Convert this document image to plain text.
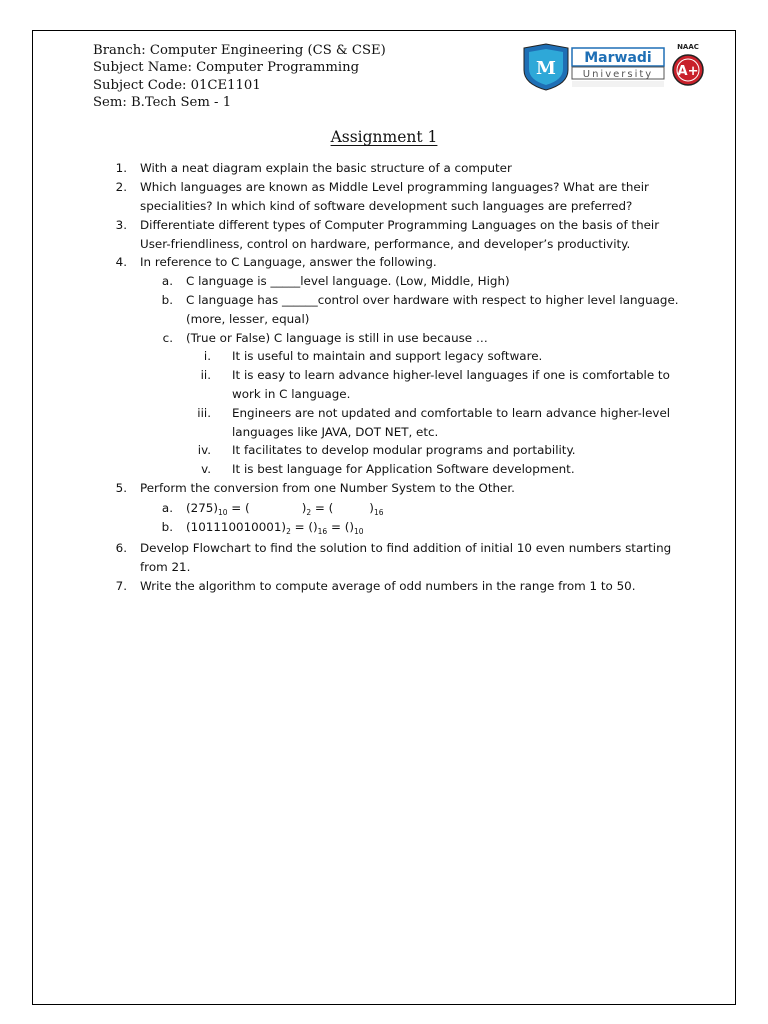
Branch: Computer Engineering (CS & CSE)
Subject Name: Computer Programming
Subject Code: 01CE1101
Sem: B.Tech Sem - 1
M Marwadi
University
NAAC
A+
Assignment 1
1. With a neat diagram explain the basic structure of a computer
2. Which languages are known as Middle Level programming languages? What are their
specialities? In which kind of software development such languages are preferred?
3. Differentiate different types of Computer Programming Languages on the basis of their
User-friendliness, control on hardware, performance, and developer’s productivity.
4. In reference to C Language, answer the following.
a. C language is _____level language. (Low, Middle, High)
b. C language has ______control over hardware with respect to higher level language.
(more, lesser, equal)
c. (True or False) C language is still in use because …
i. It is useful to maintain and support legacy software.
ii. It is easy to learn advance higher-level languages if one is comfortable to
work in C language.
iii. Engineers are not updated and comfortable to learn advance higher-level
languages like JAVA, DOT NET, etc.
iv. It facilitates to develop modular programs and portability.
v. It is best language for Application Software development.
5. Perform the conversion from one Number System to the Other.
a. $(275)_{10}$ = (	)$_2$ = (	)$_{16}$
b. $(101110010001)_2 = ()_{16} = ()_{10}$
6. Develop Flowchart to find the solution to find addition of initial 10 even numbers starting
from 21.
7. Write the algorithm to compute average of odd numbers in the range from 1 to 50.
